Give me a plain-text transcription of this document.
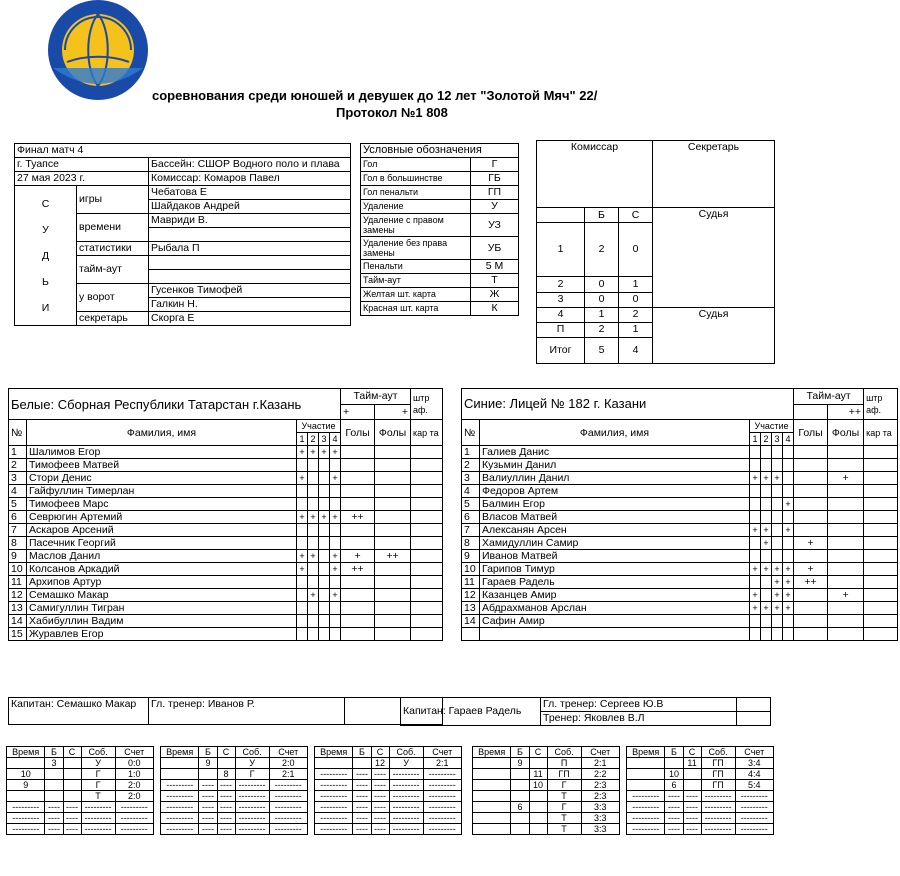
соревнования среди юношей и девушек до 12 лет "Золотой Мяч" 22/
Протокол №1 808
Финал матч 4		
г. Туапсе		Бассейн: СШОР Водного поло и плава
27 мая 2023 г.		Комиссар: Комаров Павел

С
У
Д
Ь
И	игры	Чебатова Е
		Шайдаков Андрей
	времени	Мавриди В.

	статистики	Рыбала П
	тайм-аут	

	у ворот	Гусенков Тимофей
		Галкин Н.
	секретарь	Скорга Е
Условные обозначения	
Гол	Г
Гол в большинстве	ГБ
Гол пенальти	ГП
Удаление	У
Удаление с правом замены	УЗ
Удаление без права замены	УБ
Пенальти	5 М
Тайм-аут	Т
Желтая шт. карта	Ж
Красная шт. карта	К
Комиссар			Секретарь
	Б	С	Судья
1	2	0	
2	0	1	
3	0	0	
4	1	2	Судья
П	2	1	
Итог	5	4	
Белые: Сборная Республики Татарстан г.Казань						Тайм-аут		штр аф.
						+	+	
№	Фамилия, имя	Участие				Голы	Фолы	кар та
		1	2	3	4			
1	Шалимов Егор	+	+	+	+			
2	Тимофеев Матвей							
3	Стори Денис	+			+			
4	Гайфуллин Тимерлан							
5	Тимофеев Марс							
6	Севрюгин Артемий	+	+	+	+	++		
7	Аскаров Арсений							
8	Пасечник Георгий							
9	Маслов Данил	+	+		+	+	++	
10	Колсанов Аркадий	+			+	++		
11	Архипов Артур							
12	Семашко Макар		+		+			
13	Самигуллин Тигран							
14	Хабибуллин Вадим							
15	Журавлев Егор							
Капитан: Семашко Макар	Гл. тренер: Иванов Р.	
Синие: Лицей № 182 г. Казани						Тайм-аут		штр аф.
							++	
№	Фамилия, имя	Участие				Голы	Фолы	кар та
		1	2	3	4			
1	Галиев Данис							
2	Кузьмин Данил							
3	Валиуллин Данил	+	+	+			+	
4	Федоров Артем							
5	Балмин Егор				+			
6	Власов Матвей							
7	Алексанян Арсен	+	+		+			
8	Хамидуллин Самир		+			+		
9	Иванов Матвей							
10	Гарипов Тимур	+	+	+	+	+		
11	Гараев Радель			+	+	++		
12	Казанцев Амир	+		+	+		+	
13	Абдрахманов Арслан	+	+	+	+			
14	Сафин Амир							

Капитан: Гараев Радель	Гл. тренер: Сергеев Ю.В	
	Тренер: Яковлев В.Л	
Время	Б	С	Соб.	Счет
	3		У	0:0
10			Г	1:0
9			Г	2:0
			Т	2:0
---------	----	----	---------	---------
---------	----	----	---------	---------
---------	----	----	---------	---------
Время	Б	С	Соб.	Счет
	9		У	2:0
		8	Г	2:1
---------	----	----	---------	---------
---------	----	----	---------	---------
---------	----	----	---------	---------
---------	----	----	---------	---------
---------	----	----	---------	---------
Время	Б	С	Соб.	Счет
		12	У	2:1
---------	----	----	---------	---------
---------	----	----	---------	---------
---------	----	----	---------	---------
---------	----	----	---------	---------
---------	----	----	---------	---------
---------	----	----	---------	---------
Время	Б	С	Соб.	Счет
	9		П	2:1
		11	ГП	2:2
		10	Г	2:3
			Т	2:3
	6		Г	3:3
			Т	3:3
			Т	3:3
Время	Б	С	Соб.	Счет
		11	ГП	3:4
	10		ГП	4:4
	6		ГП	5:4
---------	----	----	---------	---------
---------	----	----	---------	---------
---------	----	----	---------	---------
---------	----	----	---------	---------
